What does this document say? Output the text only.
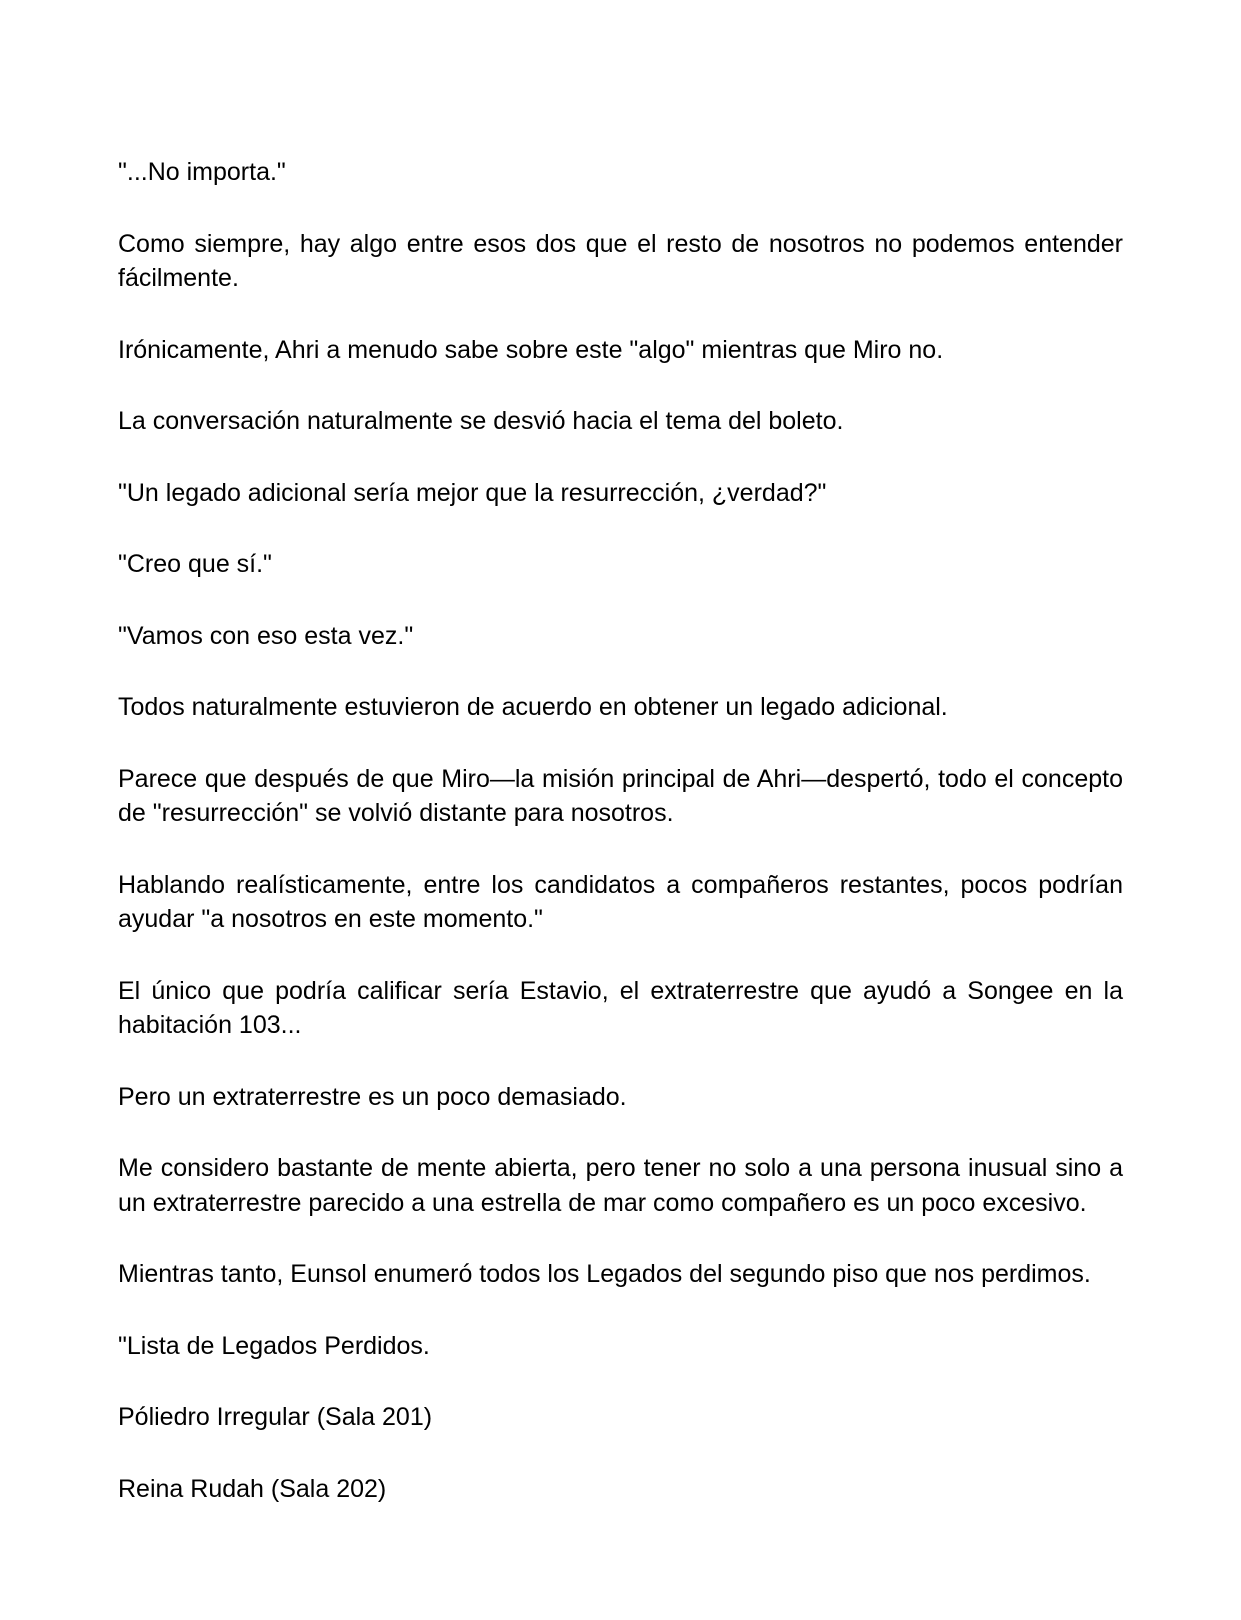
"...No importa."

Como siempre, hay algo entre esos dos que el resto de nosotros no podemos entender fácilmente.

Irónicamente, Ahri a menudo sabe sobre este "algo" mientras que Miro no.

La conversación naturalmente se desvió hacia el tema del boleto.

"Un legado adicional sería mejor que la resurrección, ¿verdad?"

"Creo que sí."

"Vamos con eso esta vez."

Todos naturalmente estuvieron de acuerdo en obtener un legado adicional.

Parece que después de que Miro—la misión principal de Ahri—despertó, todo el concepto de "resurrección" se volvió distante para nosotros.

Hablando realísticamente, entre los candidatos a compañeros restantes, pocos podrían ayudar "a nosotros en este momento."

El único que podría calificar sería Estavio, el extraterrestre que ayudó a Songee en la habitación 103...

Pero un extraterrestre es un poco demasiado.

Me considero bastante de mente abierta, pero tener no solo a una persona inusual sino a un extraterrestre parecido a una estrella de mar como compañero es un poco excesivo.

Mientras tanto, Eunsol enumeró todos los Legados del segundo piso que nos perdimos.

"Lista de Legados Perdidos.

Póliedro Irregular (Sala 201)

Reina Rudah (Sala 202)
